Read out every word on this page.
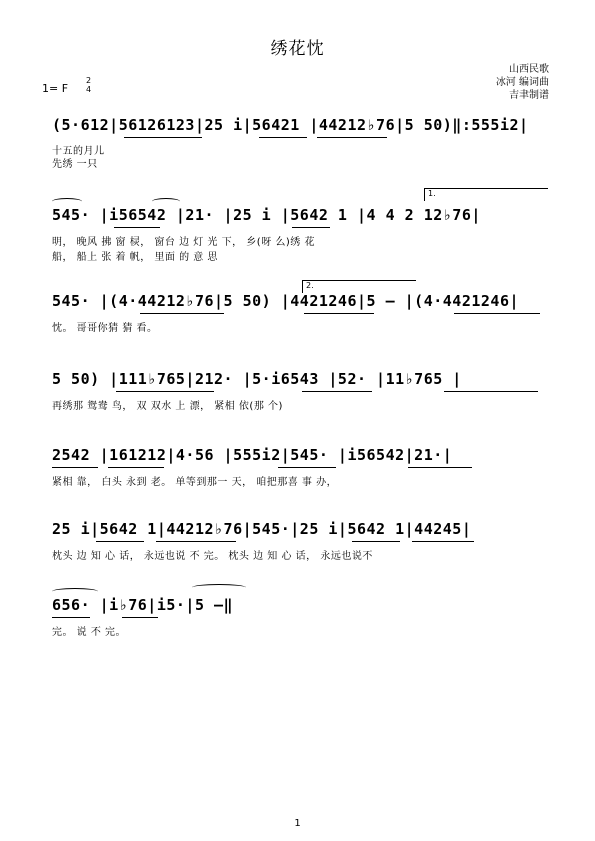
绣花忱
山西民歌
冰河 编词曲
吉聿制谱
1= F
2
4
(5·612|56126123|25 i|56421 |44212♭76|5 50)‖:555i2|
十五的月儿
先绣 一只
1.
545· |i56542 |21· |25 i |5642 1 |4 4 2 12♭76|
明， 晚风 拂 窗 棂， 窗台 边 灯 光 下， 乡(呀 么)绣 花
船， 船上 张 着 帆， 里面 的 意 思
2.
545· |(4·44212♭76|5 50) |4421246|5 — |(4·4421246|
忱。 哥哥你猜 猜 看。
5 50) |111♭765|212· |5·i6543 |52· |11♭765 |
再绣那 鸳鸯 鸟， 双 双水 上 漂， 紧相 依(那 个)
2542 |161212|4·56 |555i2|545· |i56542|21·|
紧相 靠， 白头 永到 老。 单等到那一 天， 咱把那喜 事 办，
25 i|5642 1|44212♭76|545·|25 i|5642 1|44245|
枕头 边 知 心 话， 永远也说 不 完。 枕头 边 知 心 话， 永远也说不
656· |i♭76|i5·|5 —‖
完。 说 不 完。
1
